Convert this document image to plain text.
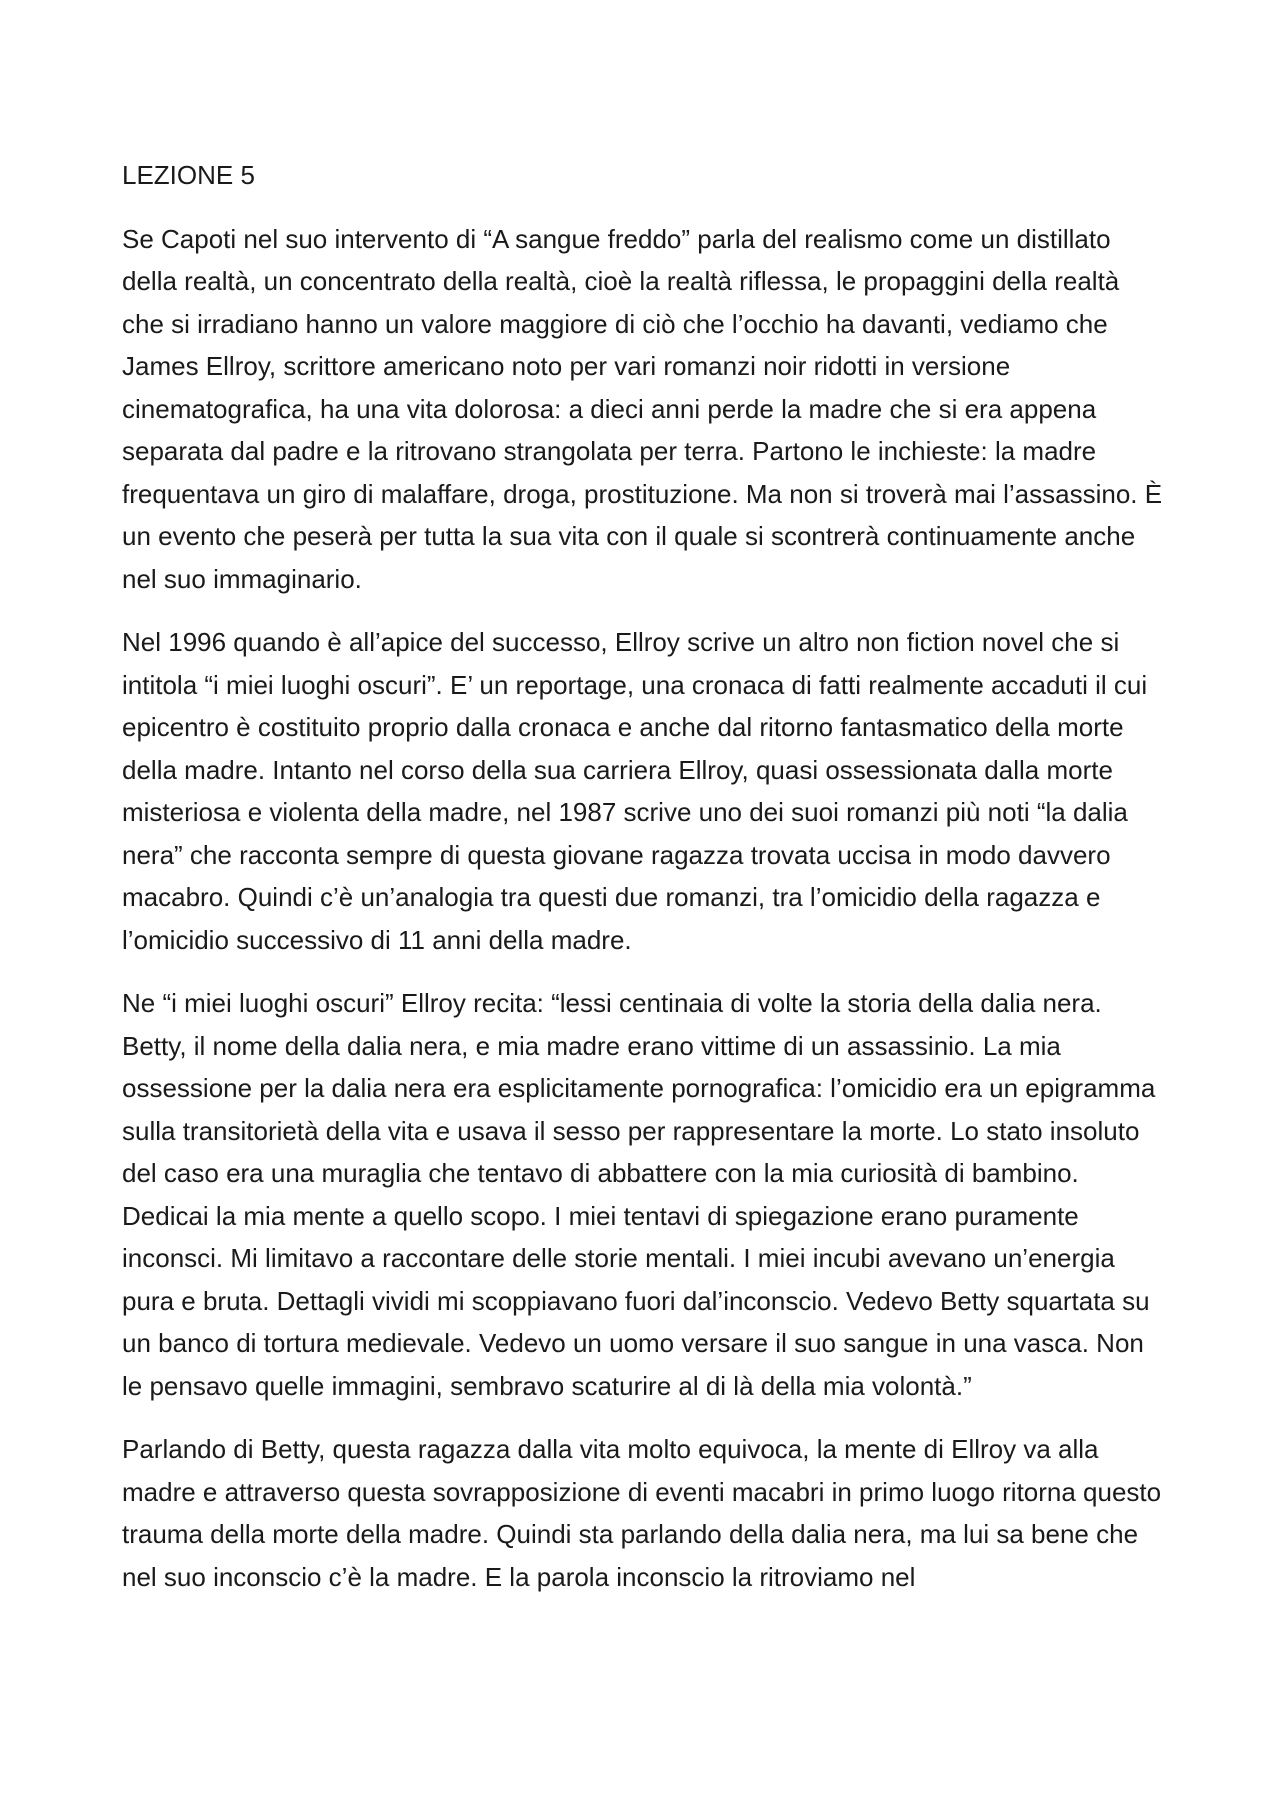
LEZIONE 5

Se Capoti nel suo intervento di “A sangue freddo” parla del realismo come un distillato della realtà, un concentrato della realtà, cioè la realtà riflessa, le propaggini della realtà che si irradiano hanno un valore maggiore di ciò che l’occhio ha davanti, vediamo che James Ellroy, scrittore americano noto per vari romanzi noir ridotti in versione cinematografica, ha una vita dolorosa: a dieci anni perde la madre che si era appena separata dal padre e la ritrovano strangolata per terra. Partono le inchieste: la madre frequentava un giro di malaffare, droga, prostituzione. Ma non si troverà mai l’assassino. È un evento che peserà per tutta la sua vita con il quale si scontrerà continuamente anche nel suo immaginario.

Nel 1996 quando è all’apice del successo, Ellroy scrive un altro non fiction novel che si intitola “i miei luoghi oscuri”. E’ un reportage, una cronaca di fatti realmente accaduti il cui epicentro è costituito proprio dalla cronaca e anche dal ritorno fantasmatico della morte della madre. Intanto nel corso della sua carriera Ellroy, quasi ossessionata dalla morte misteriosa e violenta della madre, nel 1987 scrive uno dei suoi romanzi più noti “la dalia nera” che racconta sempre di questa giovane ragazza trovata uccisa in modo davvero macabro. Quindi c’è un’analogia tra questi due romanzi, tra l’omicidio della ragazza e l’omicidio successivo di 11 anni della madre.

Ne “i miei luoghi oscuri” Ellroy recita: “lessi centinaia di volte la storia della dalia nera. Betty, il nome della dalia nera, e mia madre erano vittime di un assassinio. La mia ossessione per la dalia nera era esplicitamente pornografica: l’omicidio era un epigramma sulla transitorietà della vita e usava il sesso per rappresentare la morte. Lo stato insoluto del caso era una muraglia che tentavo di abbattere con la mia curiosità di bambino. Dedicai la mia mente a quello scopo. I miei tentavi di spiegazione erano puramente inconsci. Mi limitavo a raccontare delle storie mentali. I miei incubi avevano un’energia pura e bruta. Dettagli vividi mi scoppiavano fuori dal’inconscio. Vedevo Betty squartata su un banco di tortura medievale. Vedevo un uomo versare il suo sangue in una vasca. Non le pensavo quelle immagini, sembravo scaturire al di là della mia volontà.”

Parlando di Betty, questa ragazza dalla vita molto equivoca, la mente di Ellroy va alla madre e attraverso questa sovrapposizione di eventi macabri in primo luogo ritorna questo trauma della morte della madre. Quindi sta parlando della dalia nera, ma lui sa bene che nel suo inconscio c’è la madre. E la parola inconscio la ritroviamo nel
